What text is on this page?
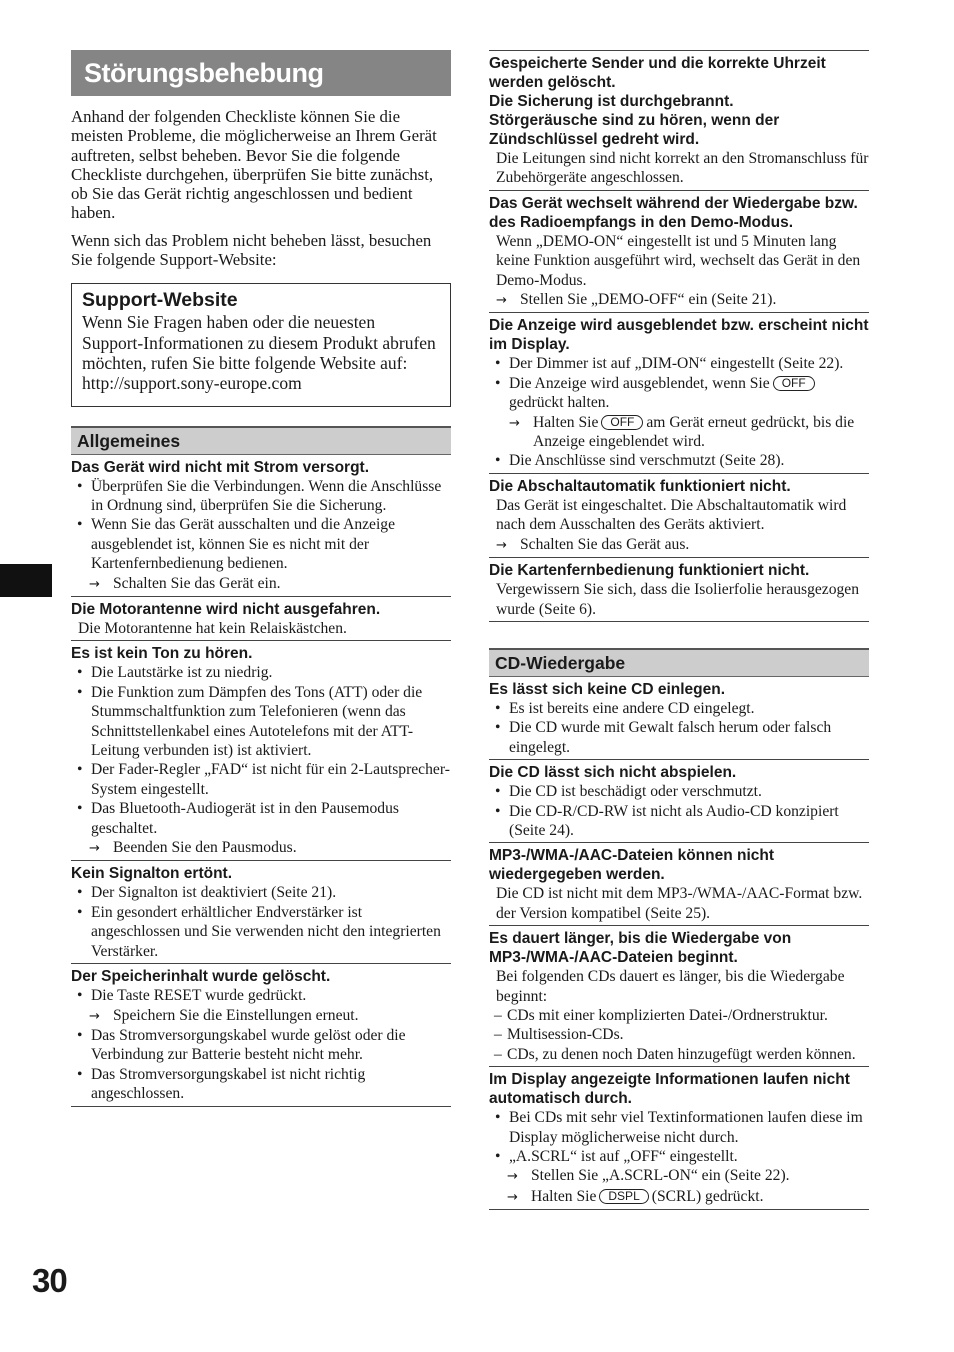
Störungsbehebung

Anhand der folgenden Checkliste können Sie die meisten Probleme, die möglicherweise an Ihrem Gerät auftreten, selbst beheben. Bevor Sie die folgende Checkliste durchgehen, überprüfen Sie bitte zunächst, ob Sie das Gerät richtig angeschlossen und bedient haben.

Wenn sich das Problem nicht beheben lässt, besuchen Sie folgende Support-Website:

Support-Website

Wenn Sie Fragen haben oder die neuesten Support-Informationen zu diesem Produkt abrufen möchten, rufen Sie bitte folgende Website auf:

http://support.sony-europe.com

Allgemeines
Das Gerät wird nicht mit Strom versorgt.
• Überprüfen Sie die Verbindungen. Wenn die Anschlüsse in Ordnung sind, überprüfen Sie die Sicherung.
• Wenn Sie das Gerät ausschalten und die Anzeige ausgeblendet ist, können Sie es nicht mit der Kartenfernbedienung bedienen.
→ Schalten Sie das Gerät ein.
Die Motorantenne wird nicht ausgefahren.
Die Motorantenne hat kein Relaiskästchen.
Es ist kein Ton zu hören.
• Die Lautstärke ist zu niedrig.
• Die Funktion zum Dämpfen des Tons (ATT) oder die Stummschaltfunktion zum Telefonieren (wenn das Schnittstellenkabel eines Autotelefons mit der ATT-Leitung verbunden ist) ist aktiviert.
• Der Fader-Regler „FAD“ ist nicht für ein 2-Lautsprecher-System eingestellt.
• Das Bluetooth-Audiogerät ist in den Pausemodus geschaltet.
→ Beenden Sie den Pausmodus.
Kein Signalton ertönt.
• Der Signalton ist deaktiviert (Seite 21).
• Ein gesondert erhältlicher Endverstärker ist angeschlossen und Sie verwenden nicht den integrierten Verstärker.
Der Speicherinhalt wurde gelöscht.
• Die Taste RESET wurde gedrückt.
→ Speichern Sie die Einstellungen erneut.
• Das Stromversorgungskabel wurde gelöst oder die Verbindung zur Batterie besteht nicht mehr.
• Das Stromversorgungskabel ist nicht richtig angeschlossen.
Gespeicherte Sender und die korrekte Uhrzeit werden gelöscht.
Die Sicherung ist durchgebrannt.
Störgeräusche sind zu hören, wenn der Zündschlüssel gedreht wird.
Die Leitungen sind nicht korrekt an den Stromanschluss für Zubehörgeräte angeschlossen.
Das Gerät wechselt während der Wiedergabe bzw. des Radioempfangs in den Demo-Modus.
Wenn „DEMO-ON“ eingestellt ist und 5 Minuten lang keine Funktion ausgeführt wird, wechselt das Gerät in den Demo-Modus.
→ Stellen Sie „DEMO-OFF“ ein (Seite 21).
Die Anzeige wird ausgeblendet bzw. erscheint nicht im Display.
• Der Dimmer ist auf „DIM-ON“ eingestellt (Seite 22).
• Die Anzeige wird ausgeblendet, wenn Sie OFFgedrückt halten.
→ Halten Sie OFF am Gerät erneut gedrückt, bis die Anzeige eingeblendet wird.
• Die Anschlüsse sind verschmutzt (Seite 28).
Die Abschaltautomatik funktioniert nicht.
Das Gerät ist eingeschaltet. Die Abschaltautomatik wird nach dem Ausschalten des Geräts aktiviert.
→ Schalten Sie das Gerät aus.
Die Kartenfernbedienung funktioniert nicht.
Vergewissern Sie sich, dass die Isolierfolie herausgezogen wurde (Seite 6).
CD-Wiedergabe
Es lässt sich keine CD einlegen.
• Es ist bereits eine andere CD eingelegt.
• Die CD wurde mit Gewalt falsch herum oder falsch eingelegt.
Die CD lässt sich nicht abspielen.
• Die CD ist beschädigt oder verschmutzt.
• Die CD-R/CD-RW ist nicht als Audio-CD konzipiert (Seite 24).
MP3-/WMA-/AAC-Dateien können nicht wiedergegeben werden.
Die CD ist nicht mit dem MP3-/WMA-/AAC-Format bzw. der Version kompatibel (Seite 25).
Es dauert länger, bis die Wiedergabe von MP3-/WMA-/AAC-Dateien beginnt.
Bei folgenden CDs dauert es länger, bis die Wiedergabe beginnt:
– CDs mit einer komplizierten Datei-/Ordnerstruktur.
– Multisession-CDs.
– CDs, zu denen noch Daten hinzugefügt werden können.
Im Display angezeigte Informationen laufen nicht automatisch durch.
• Bei CDs mit sehr viel Textinformationen laufen diese im Display möglicherweise nicht durch.
• „A.SCRL“ ist auf „OFF“ eingestellt.
→ Stellen Sie „A.SCRL-ON“ ein (Seite 22).
→ Halten Sie DSPL (SCRL) gedrückt.
30
